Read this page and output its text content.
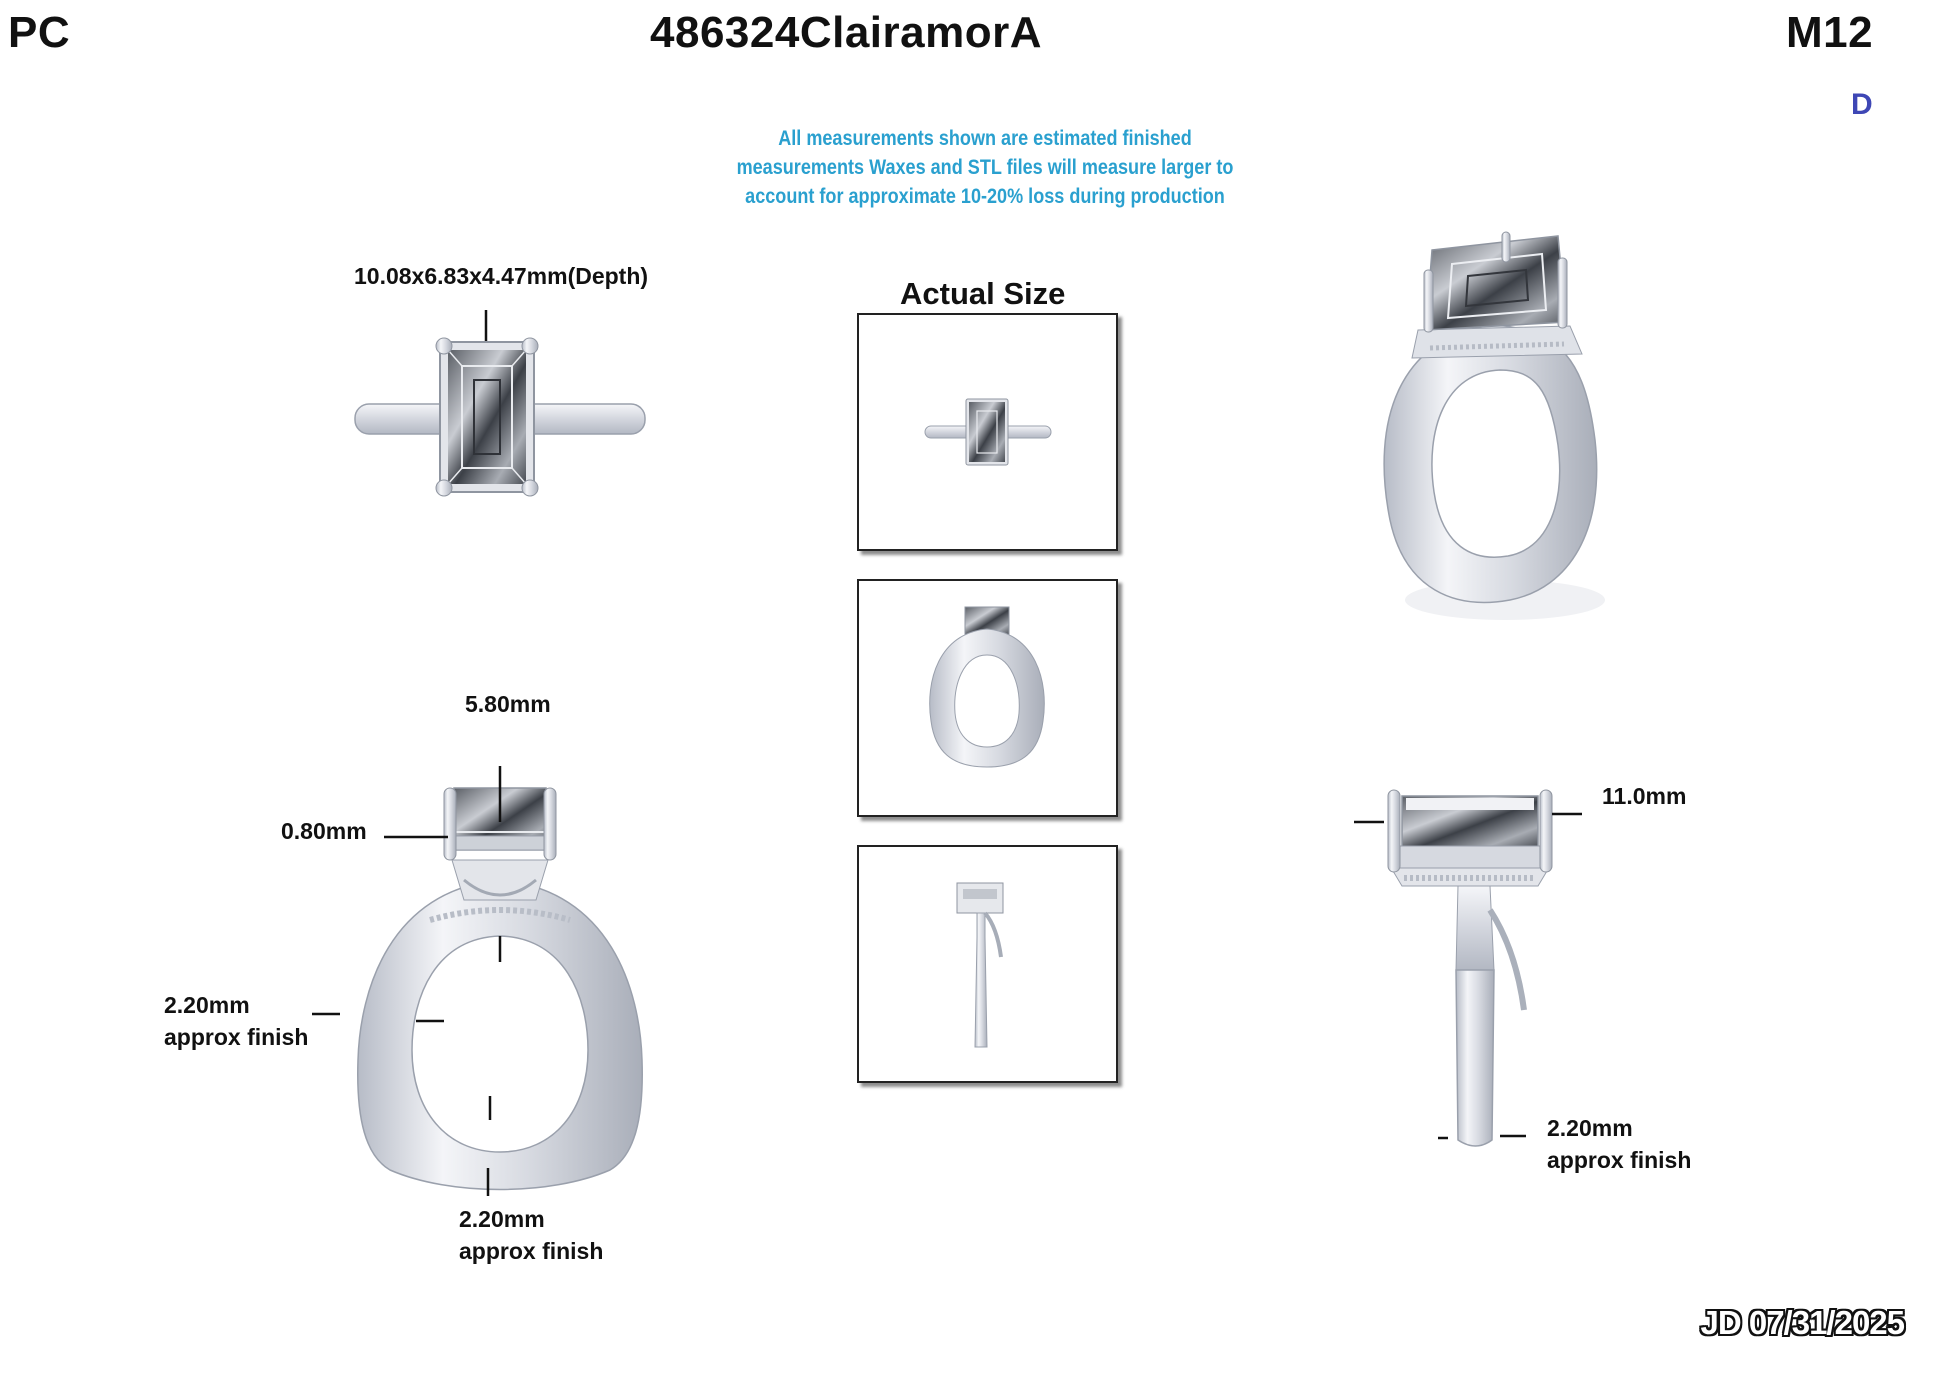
PC	486324ClairamorA	M12
D
All measurements shown are estimated finished
measurements Waxes and STL files will measure larger to
account for approximate 10-20% loss during production
10.08x6.83x4.47mm(Depth)	Actual Size
5.80mm
0.80mm
2.20mm
approx finish
2.20mm
approx finish
11.0mm
2.20mm
approx finish
JD 07/31/2025
